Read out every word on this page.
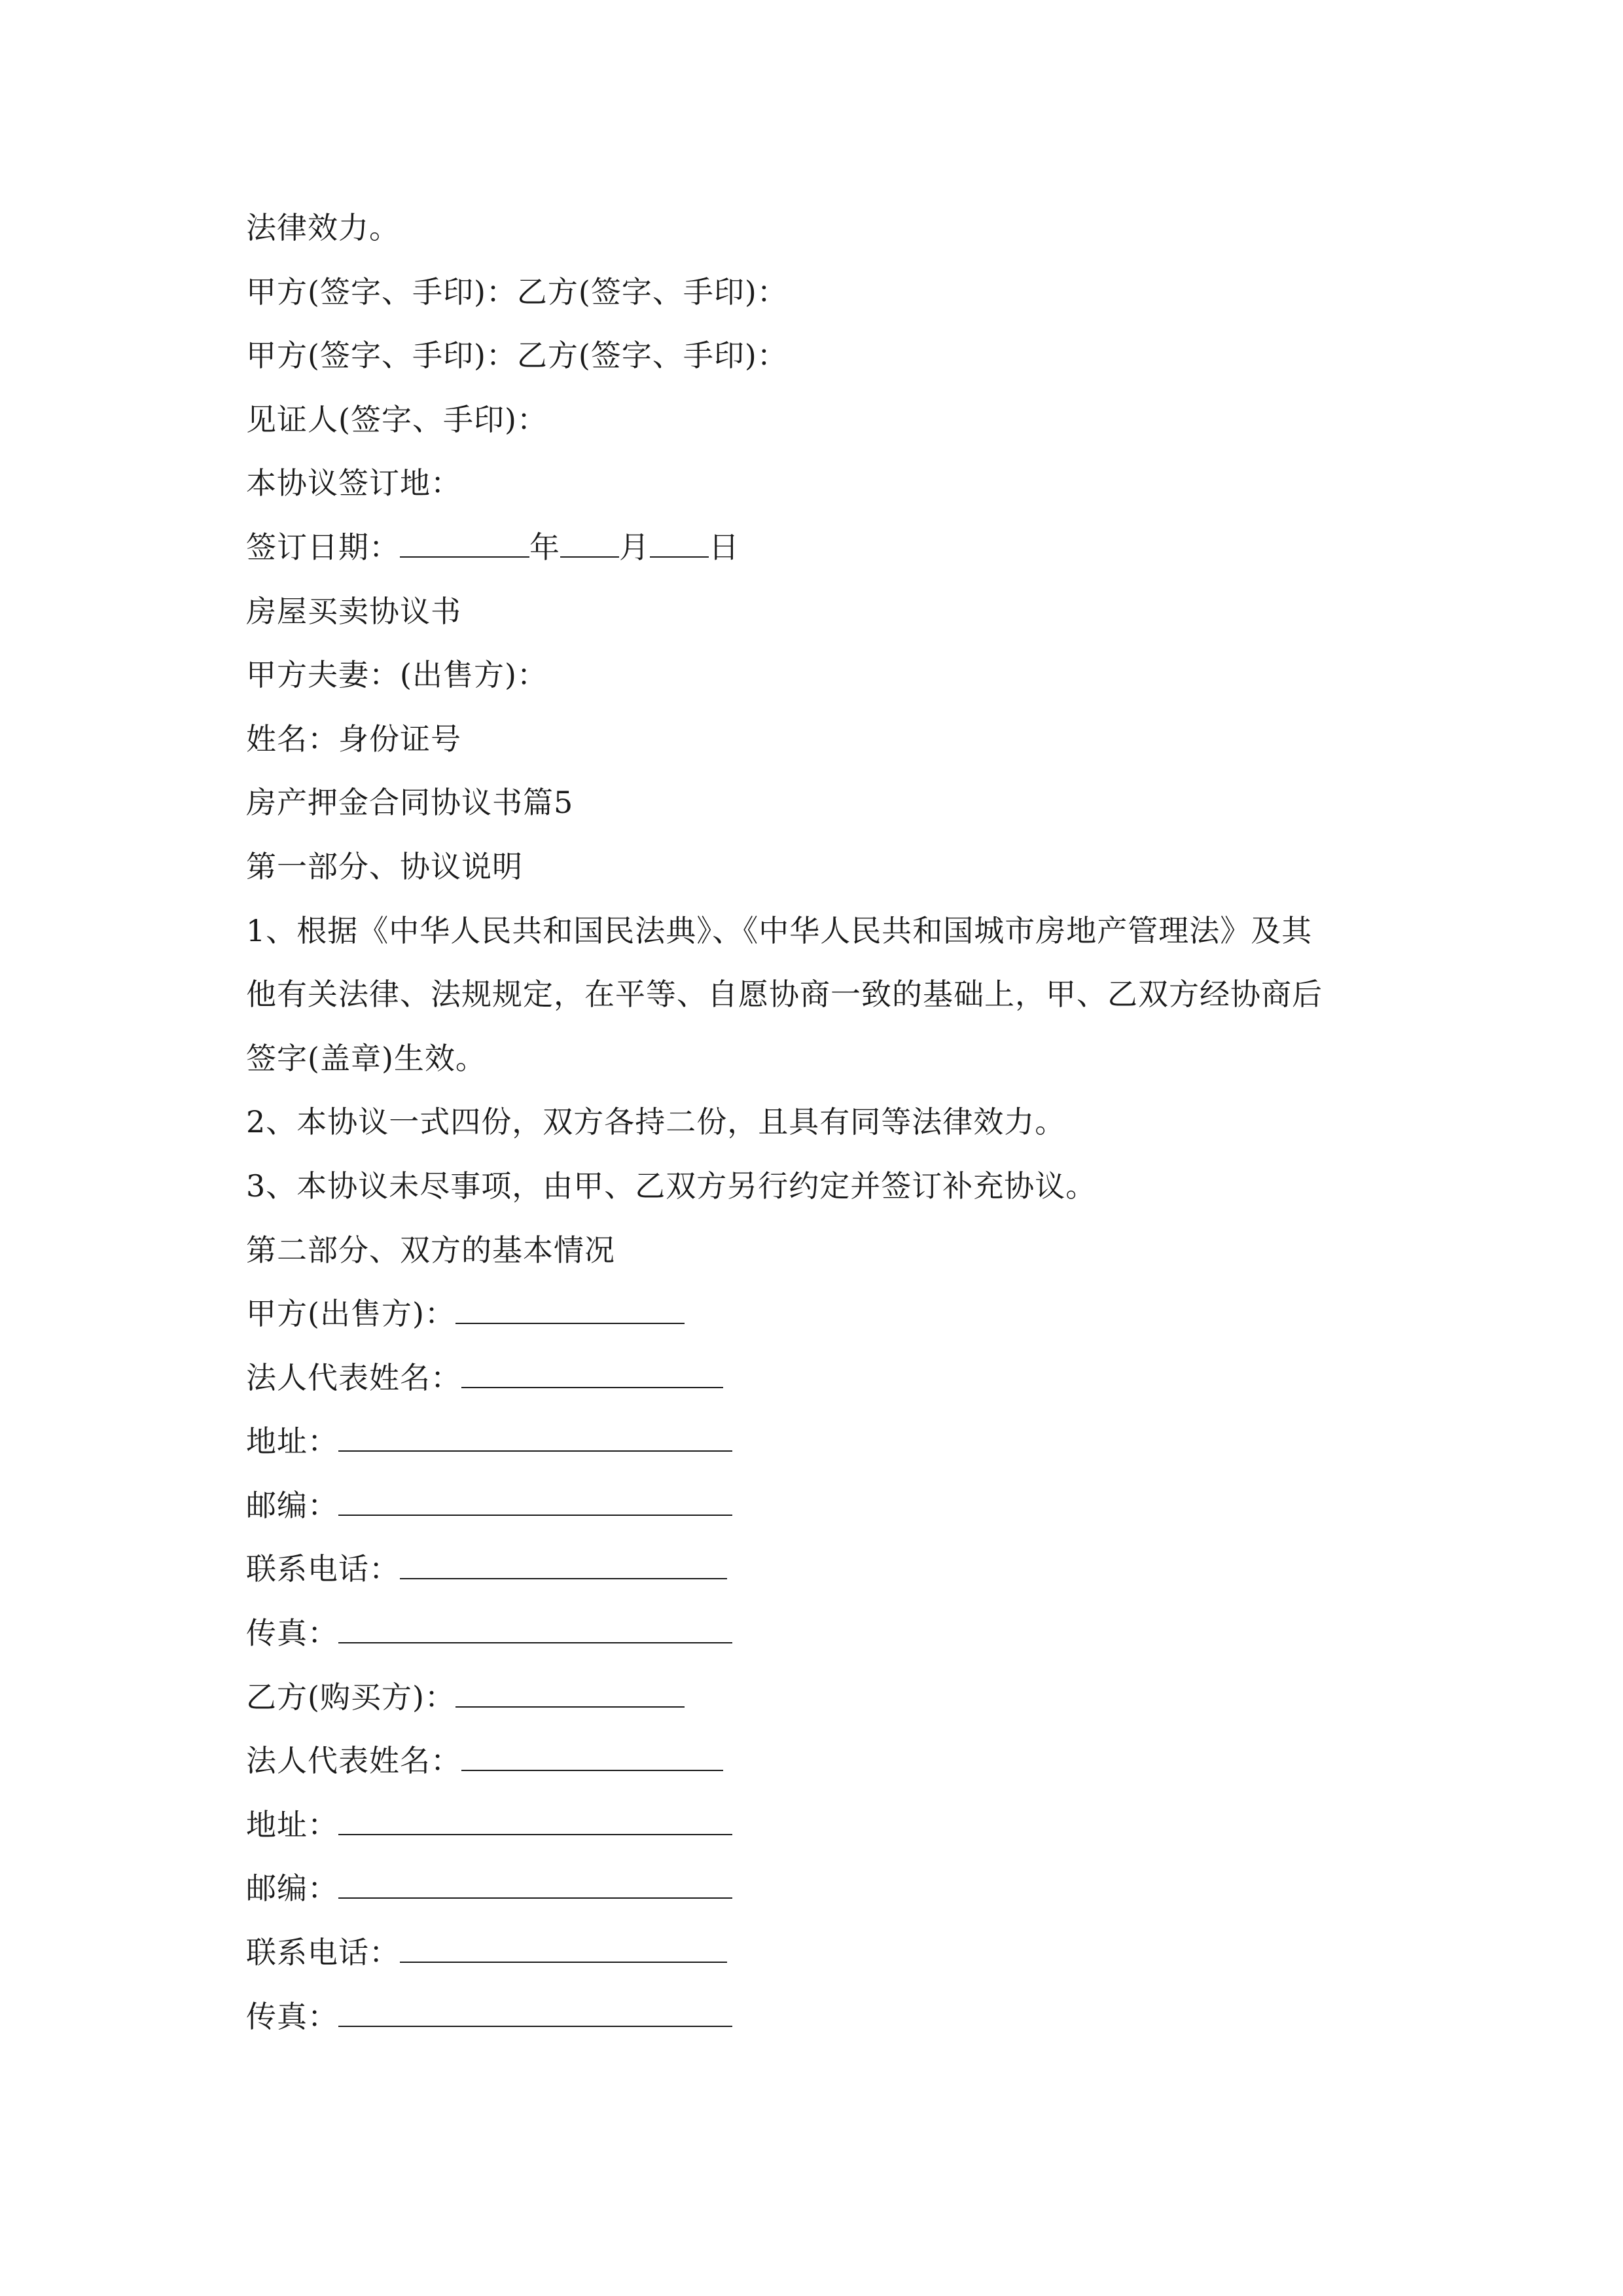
法律效力。
甲方(签字、手印)：乙方(签字、手印)：
甲方(签字、手印)：乙方(签字、手印)：
见证人(签字、手印)：
本协议签订地：
签订日期：	年 月 日
房屋买卖协议书
甲方夫妻：(出售方)：
姓名：身份证号
房产押金合同协议书篇5
第一部分、协议说明
1、根据《中华人民共和国民法典》、《中华人民共和国城市房地产管理法》及其
他有关法律、法规规定，在平等、自愿协商一致的基础上，甲、乙双方经协商后
签字(盖章)生效。
2、本协议一式四份，双方各持二份，且具有同等法律效力。
3、本协议未尽事项，由甲、乙双方另行约定并签订补充协议。
第二部分、双方的基本情况
甲方(出售方)：
法人代表姓名：
地址：
邮编：
联系电话：
传真：
乙方(购买方)：
法人代表姓名：
地址：
邮编：
联系电话：
传真：
